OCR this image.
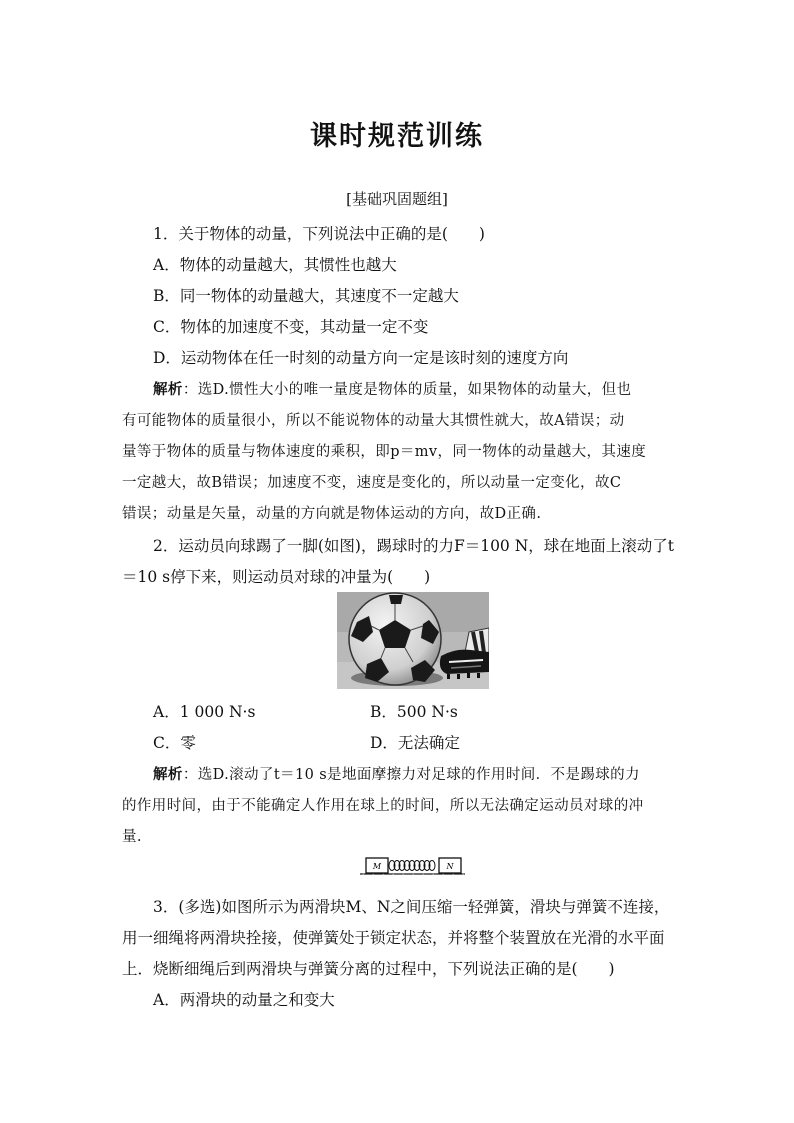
课时规范训练
[基础巩固题组]
1．关于物体的动量，下列说法中正确的是(　　)
A．物体的动量越大，其惯性也越大
B．同一物体的动量越大，其速度不一定越大
C．物体的加速度不变，其动量一定不变
D．运动物体在任一时刻的动量方向一定是该时刻的速度方向
解析：选D.惯性大小的唯一量度是物体的质量，如果物体的动量大，但也
有可能物体的质量很小，所以不能说物体的动量大其惯性就大，故A错误；动
量等于物体的质量与物体速度的乘积，即p＝mv，同一物体的动量越大，其速度
一定越大，故B错误；加速度不变，速度是变化的，所以动量一定变化，故C
错误；动量是矢量，动量的方向就是物体运动的方向，故D正确.
2．运动员向球踢了一脚(如图)，踢球时的力F＝100 N，球在地面上滚动了t
＝10 s停下来，则运动员对球的冲量为(　　)
A．1 000 N·s	B．500 N·s
C．零	D．无法确定
解析：选D.滚动了t＝10 s是地面摩擦力对足球的作用时间．不是踢球的力
的作用时间，由于不能确定人作用在球上的时间，所以无法确定运动员对球的冲
量.
M	N
3．(多选)如图所示为两滑块M、N之间压缩一轻弹簧，滑块与弹簧不连接，
用一细绳将两滑块拴接，使弹簧处于锁定状态，并将整个装置放在光滑的水平面
上．烧断细绳后到两滑块与弹簧分离的过程中，下列说法正确的是(　　)
A．两滑块的动量之和变大
